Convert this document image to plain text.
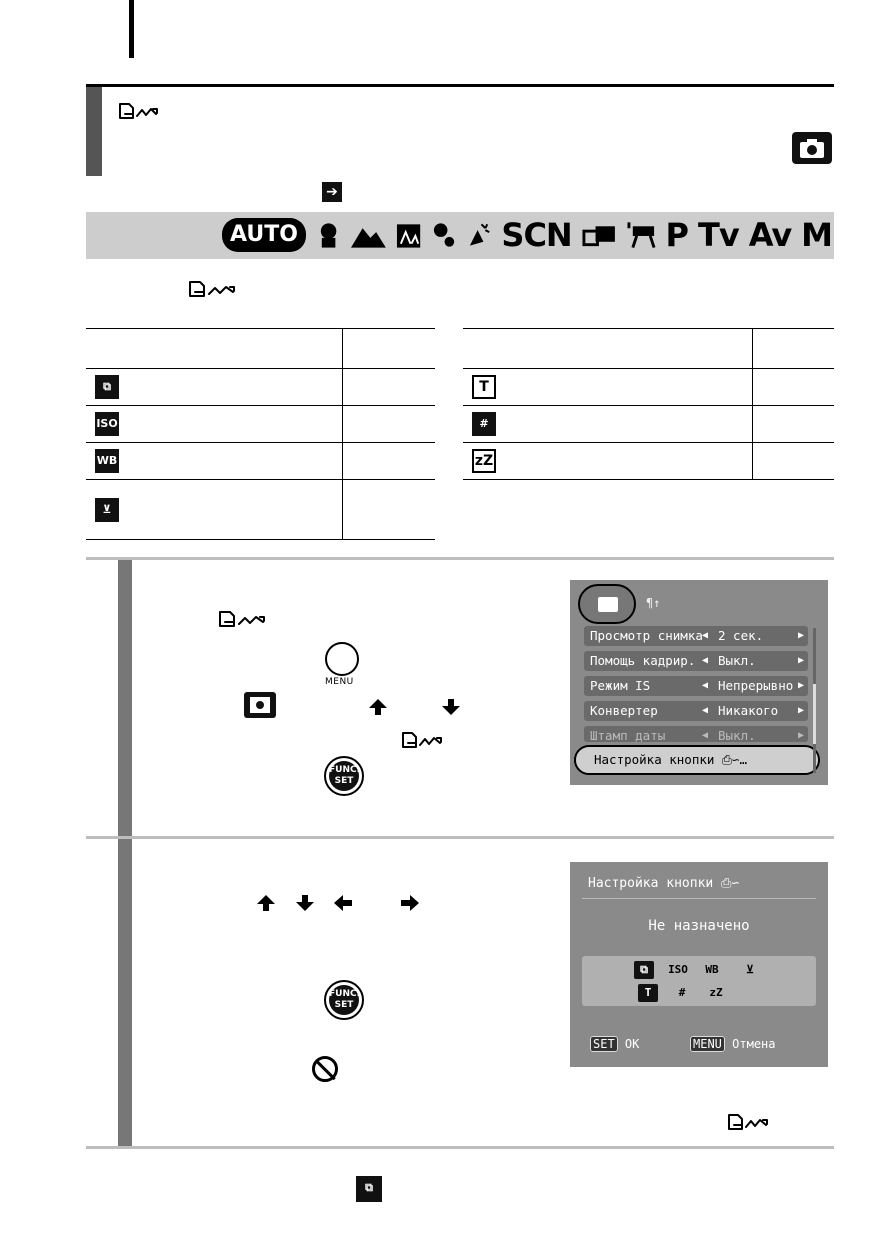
➔
AUTO	SCN	P Tv Av M

⧉	
ISO	
WB	
⊻	

T	
#	
zZ	
MENU
FUNC.
SET
¶↑
Просмотр снимка ◀ 2 сек.	▶
Помощь кадрир. ◀ Выкл.	▶
Режим IS	◀ Непрерывно ▶
Конвертер	◀ Никакого ▶
Штамп даты	◀ Выкл.	▶
Настройка кнопки ⎙∽…
FUNC.
SET
Настройка кнопки ⎙∽
Не назначено
⧉	ISO	WB	⊻
T	#	zZ
SET OK	MENU Отмена
⧉
